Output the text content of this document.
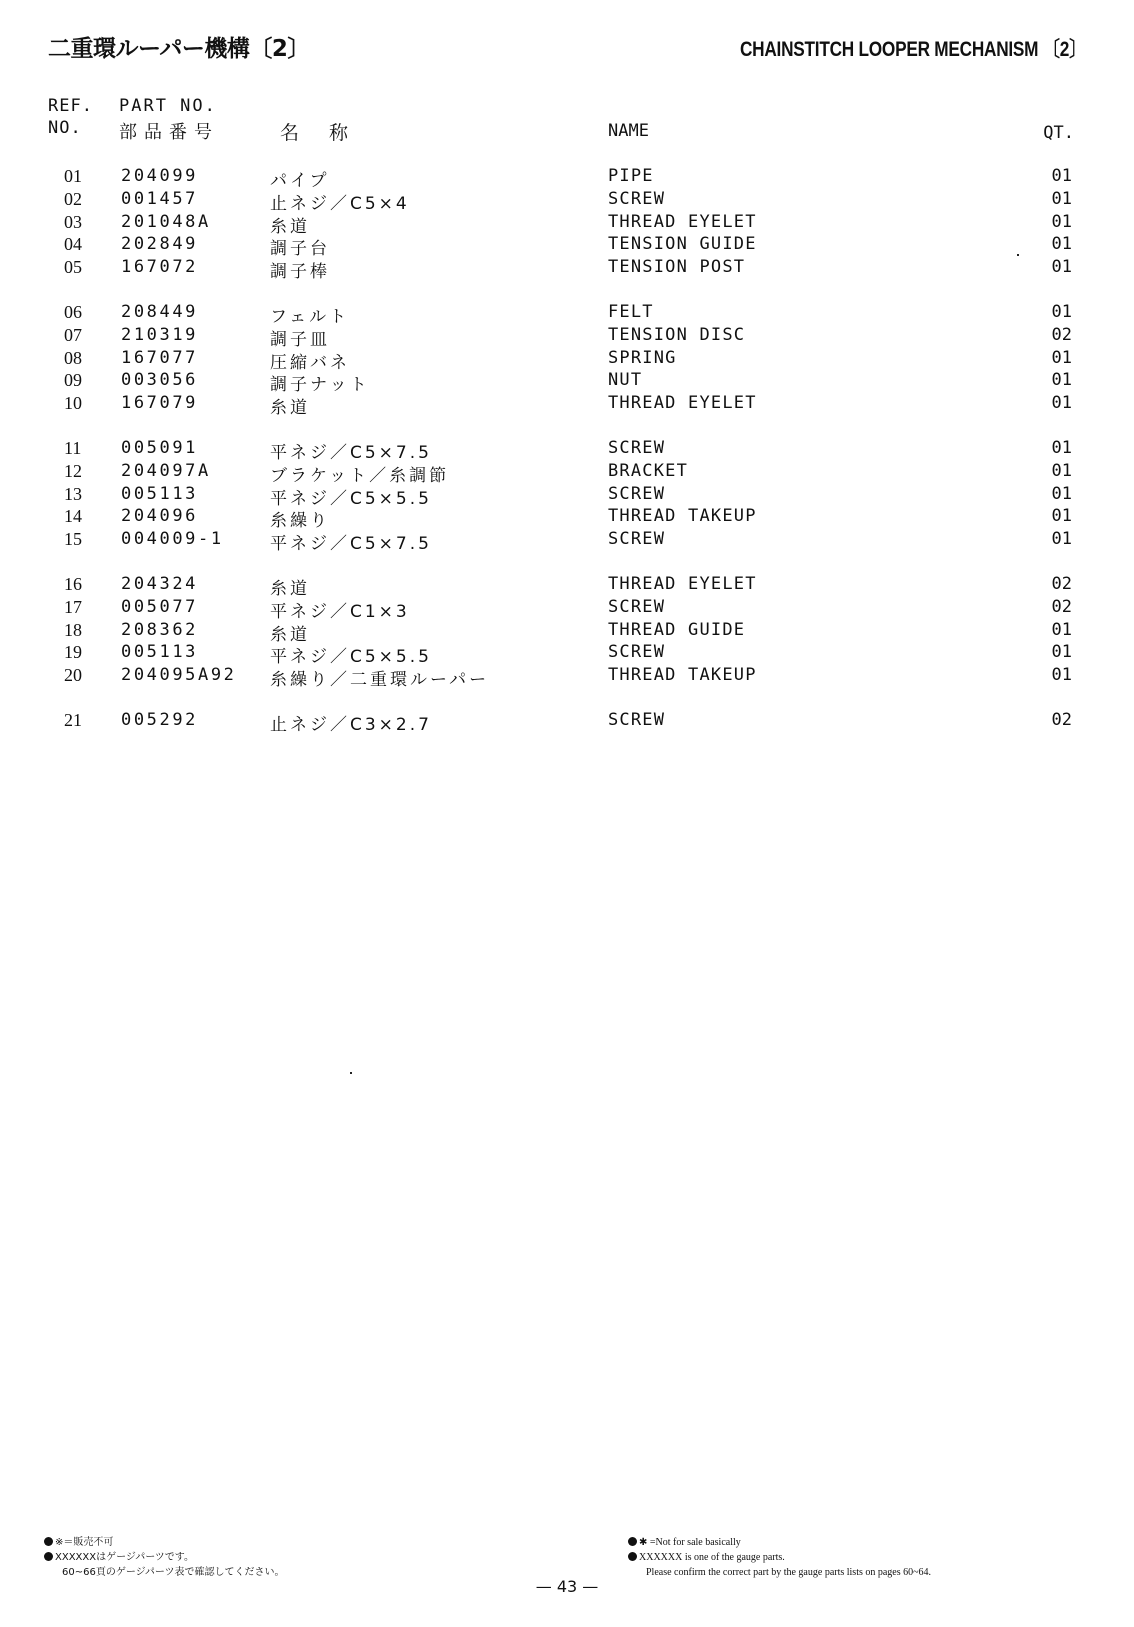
二重環ルーパー機構〔2〕	CHAINSTITCH LOOPER MECHANISM 〔2〕
REF.
NO.
PART NO.
部品番号	名称	NAME	QT.
01 204099	パイプ	PIPE	01
02 001457	止ネジ／C5×4	SCREW	01
03 201048A	糸道	THREAD EYELET	01
04 202849	調子台	TENSION GUIDE	01
05 167072	調子棒	TENSION POST	01
06 208449	フェルト	FELT	01
07 210319	調子皿	TENSION DISC	02
08 167077	圧縮バネ	SPRING	01
09 003056	調子ナット	NUT	01
10 167079	糸道	THREAD EYELET	01
11 005091	平ネジ／C5×7.5	SCREW	01
12 204097A	ブラケット／糸調節	BRACKET	01
13 005113	平ネジ／C5×5.5	SCREW	01
14 204096	糸繰り	THREAD TAKEUP	01
15 004009-1	平ネジ／C5×7.5	SCREW	01
16 204324	糸道	THREAD EYELET	02
17 005077	平ネジ／C1×3	SCREW	02
18 208362	糸道	THREAD GUIDE	01
19 005113	平ネジ／C5×5.5	SCREW	01
20 204095A92 糸繰り／二重環ルーパー	THREAD TAKEUP	01
21 005292	止ネジ／C3×2.7	SCREW	02
※＝販売不可
XXXXXXはゲージパーツです。
60~66頁のゲージパーツ表で確認してください。
✱ =Not for sale basically
XXXXXX is one of the gauge parts.
Please confirm the correct part by the gauge parts lists on pages 60~64.
— 43 —
